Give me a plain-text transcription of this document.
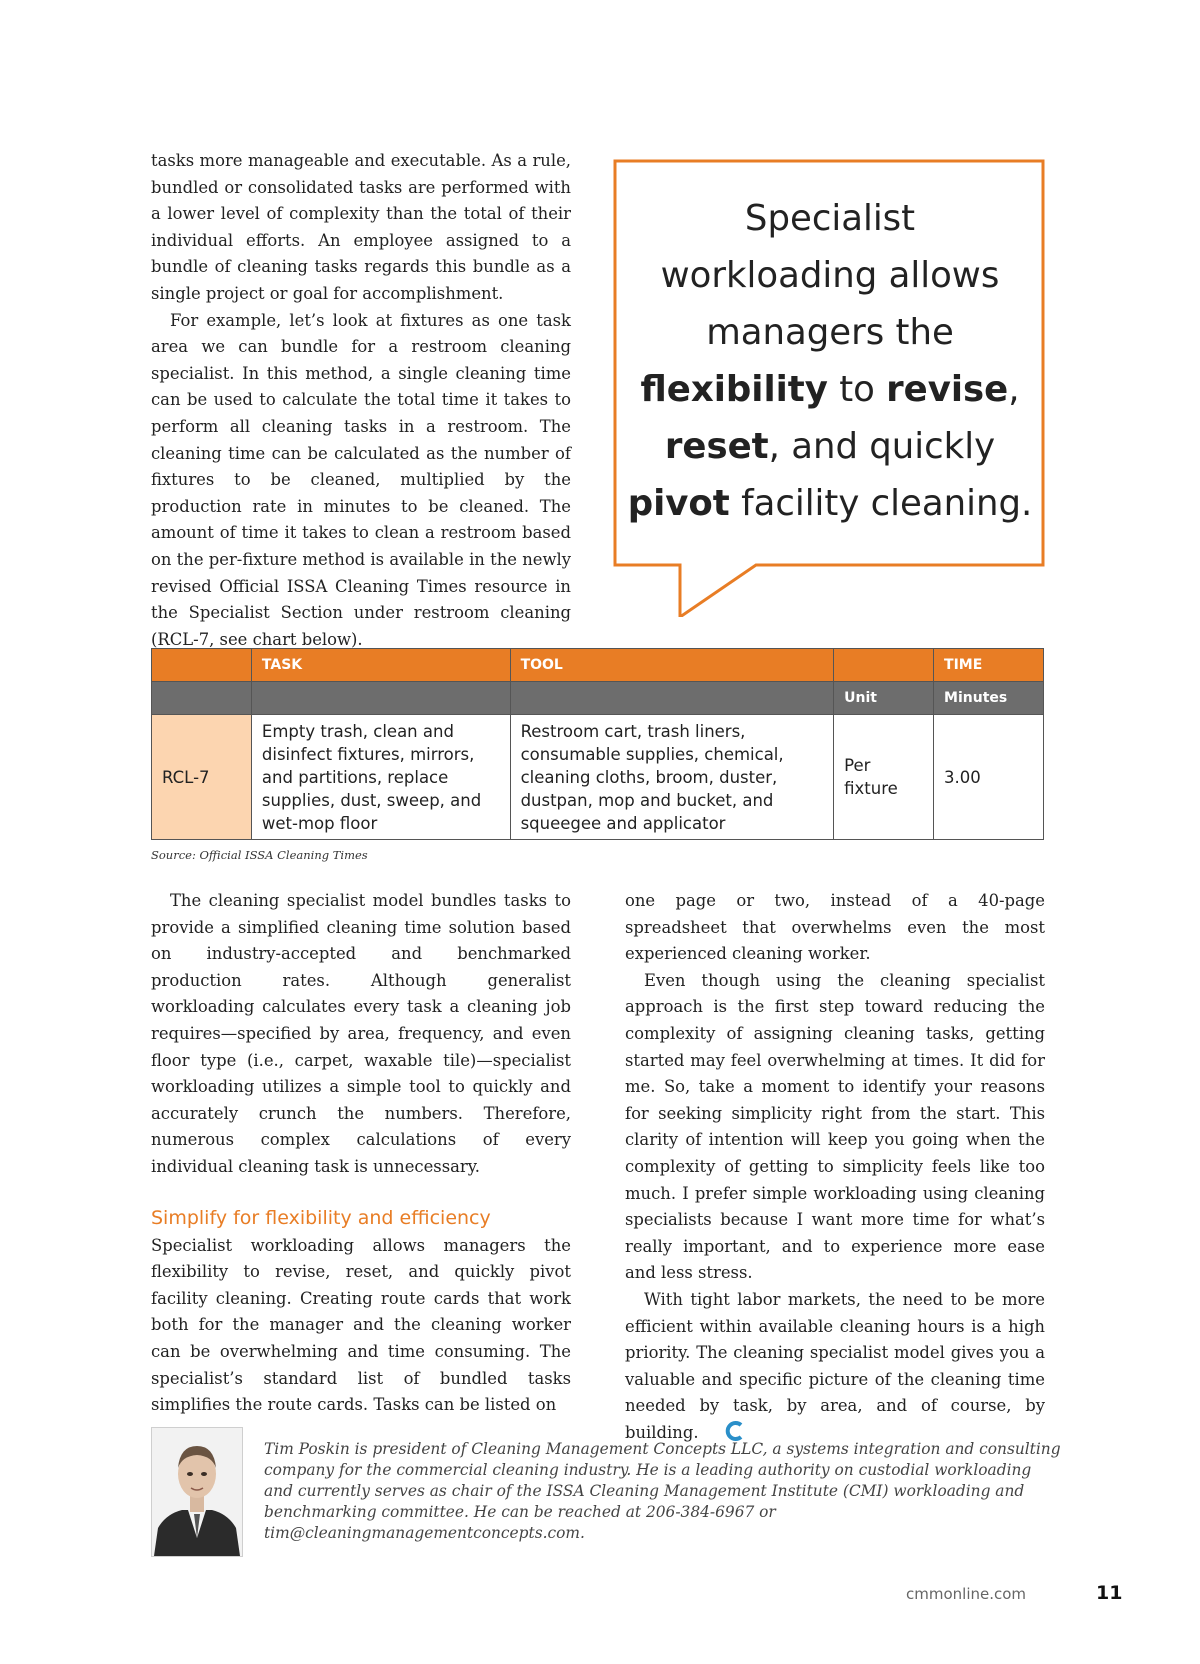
tasks more manageable and executable. As a rule, bundled or consolidated tasks are performed with a lower level of complexity than the total of their individual efforts. An employee assigned to a bundle of cleaning tasks regards this bundle as a single project or goal for accomplishment.

For example, let’s look at fixtures as one task area we can bundle for a restroom cleaning specialist. In this method, a single cleaning time can be used to calculate the total time it takes to perform all cleaning tasks in a restroom. The cleaning time can be calculated as the number of fixtures to be cleaned, multiplied by the production rate in minutes to be cleaned. The amount of time it takes to clean a restroom based on the per-fixture method is available in the newly revised Official ISSA Cleaning Times resource in the Specialist Section under restroom cleaning (RCL-7, see chart below).

Specialist
workloading allows
managers the
flexibility to revise,
reset, and quickly
pivot facility cleaning.
	TASK	TOOL		TIME
			Unit	Minutes
RCL-7	Empty trash, clean and disinfect fixtures, mirrors, and partitions, replace supplies, dust, sweep, and wet-mop floor	Restroom cart, trash liners, consumable supplies, chemical, cleaning cloths, broom, duster, dustpan, mop and bucket, and squeegee and applicator	Per fixture	3.00
Source: Official ISSA Cleaning Times

The cleaning specialist model bundles tasks to provide a simplified cleaning time solution based on industry-accepted and benchmarked production rates. Although generalist workloading calculates every task a cleaning job requires—specified by area, frequency, and even floor type (i.e., carpet, waxable tile)—specialist workloading utilizes a simple tool to quickly and accurately crunch the numbers. Therefore, numerous complex calculations of every individual cleaning task is unnecessary.

Simplify for flexibility and efficiency

Specialist workloading allows managers the flexibility to revise, reset, and quickly pivot facility cleaning. Creating route cards that work both for the manager and the cleaning worker can be overwhelming and time consuming. The specialist’s standard list of bundled tasks simplifies the route cards. Tasks can be listed on

one page or two, instead of a 40-page spreadsheet that overwhelms even the most experienced cleaning worker.

Even though using the cleaning specialist approach is the first step toward reducing the complexity of assigning cleaning tasks, getting started may feel overwhelming at times. It did for me. So, take a moment to identify your reasons for seeking simplicity right from the start. This clarity of intention will keep you going when the complexity of getting to simplicity feels like too much. I prefer simple workloading using cleaning specialists because I want more time for what’s really important, and to experience more ease and less stress.

With tight labor markets, the need to be more efficient within available cleaning hours is a high priority. The cleaning specialist model gives you a valuable and specific picture of the cleaning time needed by task, by area, and of course, by building.

Tim Poskin is president of Cleaning Management Concepts LLC, a systems integration and consulting company for the commercial cleaning industry. He is a leading authority on custodial workloading and currently serves as chair of the ISSA Cleaning Management Institute (CMI) workloading and benchmarking committee. He can be reached at 206-384-6967 or tim@cleaningmanagementconcepts.com.
cmmonline.com	11
